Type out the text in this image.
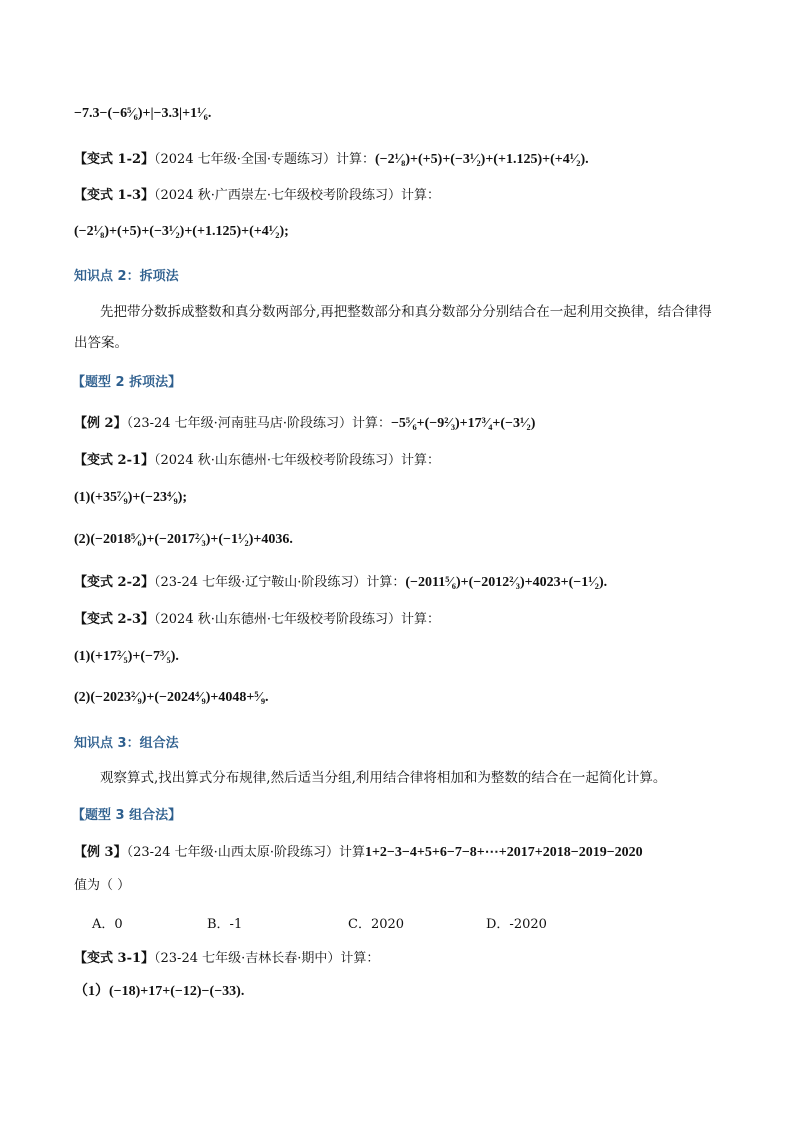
−7.3−(−6⁵⁄₆)+|−3.3|+1¹⁄₆.
【变式 1-2】（2024 七年级·全国·专题练习）计算：(−2¹⁄₈)+(+5)+(−3¹⁄₂)+(+1.125)+(+4¹⁄₂).
【变式 1-3】（2024 秋·广西崇左·七年级校考阶段练习）计算：
(−2¹⁄₈)+(+5)+(−3¹⁄₂)+(+1.125)+(+4¹⁄₂);
知识点 2：拆项法
先把带分数拆成整数和真分数两部分,再把整数部分和真分数部分分别结合在一起利用交换律，结合律得出答案。
【题型 2 拆项法】
【例 2】（23-24 七年级·河南驻马店·阶段练习）计算：−5⁵⁄₆+(−9²⁄₃)+17³⁄₄+(−3¹⁄₂)
【变式 2-1】（2024 秋·山东德州·七年级校考阶段练习）计算：
(1)(+35⁷⁄₉)+(−23⁴⁄₉);
(2)(−2018⁵⁄₆)+(−2017²⁄₃)+(−1¹⁄₂)+4036.
【变式 2-2】（23-24 七年级·辽宁鞍山·阶段练习）计算：(−2011⁵⁄₆)+(−2012²⁄₃)+4023+(−1¹⁄₂).
【变式 2-3】（2024 秋·山东德州·七年级校考阶段练习）计算：
(1)(+17²⁄₅)+(−7³⁄₅).
(2)(−2023²⁄₉)+(−2024⁴⁄₉)+4048+⁵⁄₉.
知识点 3：组合法
观察算式,找出算式分布规律,然后适当分组,利用结合律将相加和为整数的结合在一起简化计算。
【题型 3 组合法】
【例 3】（23-24 七年级·山西太原·阶段练习）计算1+2−3−4+5+6−7−8+⋯+2017+2018−2019−2020
值为（ ）
A．0	B．-1	C．2020	D．-2020
【变式 3-1】（23-24 七年级·吉林长春·期中）计算：
（1）(−18)+17+(−12)−(−33).
